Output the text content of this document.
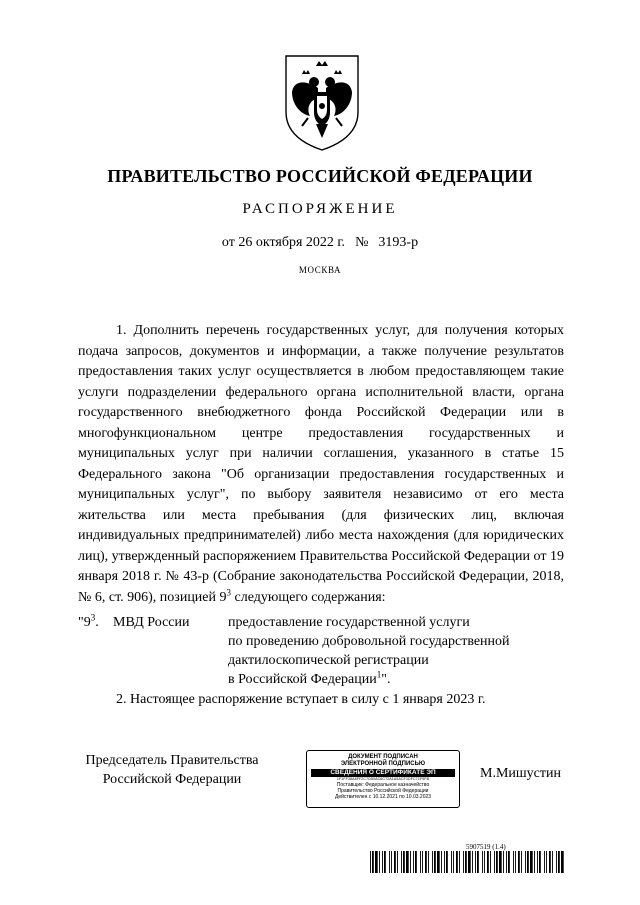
ПРАВИТЕЛЬСТВО РОССИЙСКОЙ ФЕДЕРАЦИИ
РАСПОРЯЖЕНИЕ
от 26 октября 2022 г. № 3193-р
МОСКВА
1. Дополнить перечень государственных услуг, для получения которых подача запросов, документов и информации, а также получение результатов предоставления таких услуг осуществляется в любом предоставляющем такие услуги подразделении федерального органа исполнительной власти, органа государственного внебюджетного фонда Российской Федерации или в многофункциональном центре предоставления государственных и муниципальных услуг при наличии соглашения, указанного в статье 15 Федерального закона "Об организации предоставления государственных и муниципальных услуг", по выбору заявителя независимо от его места жительства или места пребывания (для физических лиц, включая индивидуальных предпринимателей) либо места нахождения (для юридических лиц), утвержденный распоряжением Правительства Российской Федерации от 19 января 2018 г. № 43-р (Собрание законодательства Российской Федерации, 2018, № 6, ст. 906), позицией $9^3$ следующего содержания:
"$9^3$. МВД России	предоставление государственной услуги
по проведению добровольной государственной
дактилоскопической регистрации
в Российской Федерации$^1$".
2. Настоящее распоряжение вступает в силу с 1 января 2023 г.
Председатель Правительства
Российской Федерации
ДОКУМЕНТ ПОДПИСАН
ЭЛЕКТРОННОЙ ПОДПИСЬЮ
СВЕДЕНИЯ О СЕРТИФИКАТЕ ЭП
1F1FF38A8FF2C7D50AC6C72A1A5ACF1DFC71F9FB
Поставщик: Федеральное казначейство
Правительство Российской Федерации
Действителен с 10.12.2021 по 10.03.2023
М.Мишустин
5907519 (1.4)
